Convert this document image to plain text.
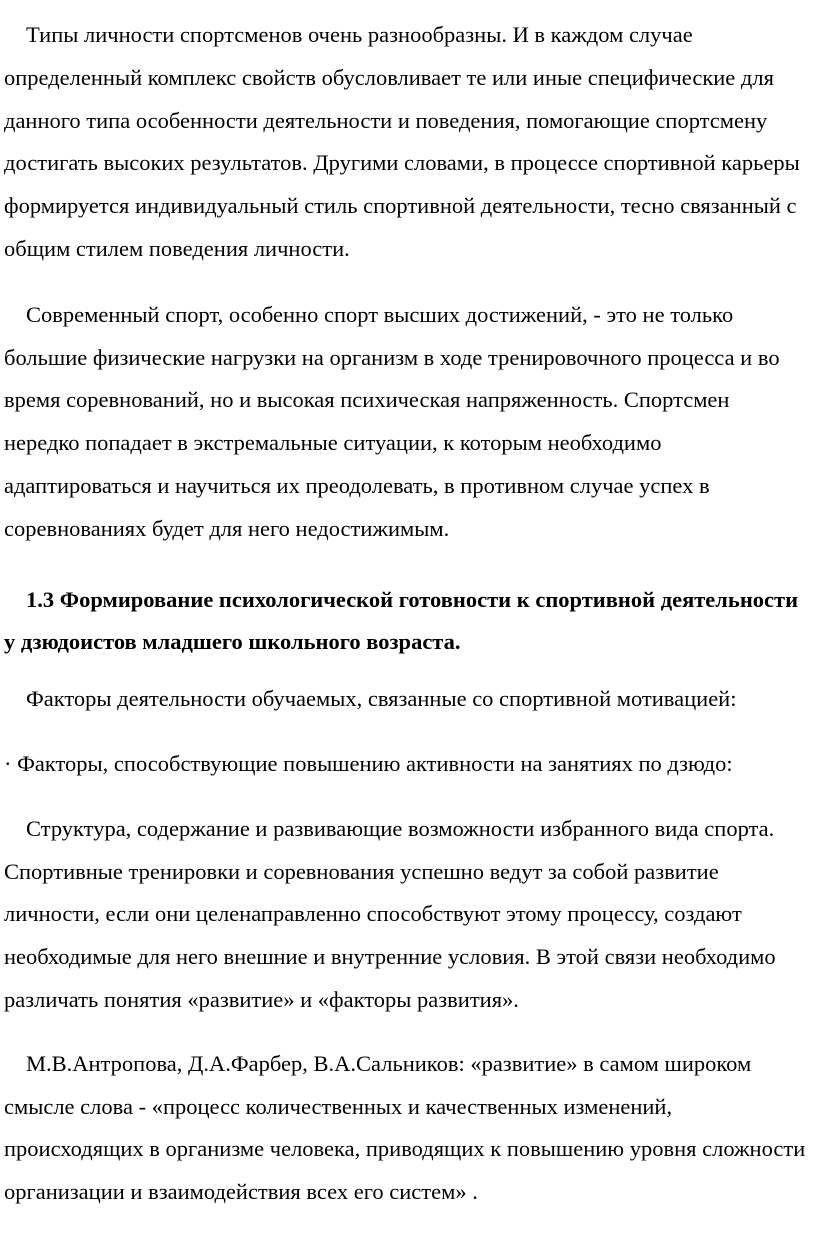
Типы личности спортсменов очень разнообразны. И в каждом случае определенный комплекс свойств обусловливает те или иные специфические для данного типа особенности деятельности и поведения, помогающие спортсмену достигать высоких результатов. Другими словами, в процессе спортивной карьеры формируется индивидуальный стиль спортивной деятельности, тесно связанный с общим стилем поведения личности.

Современный спорт, особенно спорт высших достижений, - это не только большие физические нагрузки на организм в ходе тренировочного процесса и во время соревнований, но и высокая психическая напряженность. Спортсмен нередко попадает в экстремальные ситуации, к которым необходимо адаптироваться и научиться их преодолевать, в противном случае успех в соревнованиях будет для него недостижимым.

1.3 Формирование психологической готовности к спортивной деятельности у дзюдоистов младшего школьного возраста.

Факторы деятельности обучаемых, связанные со спортивной мотивацией:

· Факторы, способствующие повышению активности на занятиях по дзюдо:

Структура, содержание и развивающие возможности избранного вида спорта. Спортивные тренировки и соревнования успешно ведут за собой развитие личности, если они целенаправленно способствуют этому процессу, создают необходимые для него внешние и внутренние условия. В этой связи необходимо различать понятия «развитие» и «факторы развития».

М.В.Антропова, Д.А.Фарбер, В.А.Сальников: «развитие» в самом широком смысле слова - «процесс количественных и качественных изменений, происходящих в организме человека, приводящих к повышению уровня сложности организации и взаимодействия всех его систем» .
